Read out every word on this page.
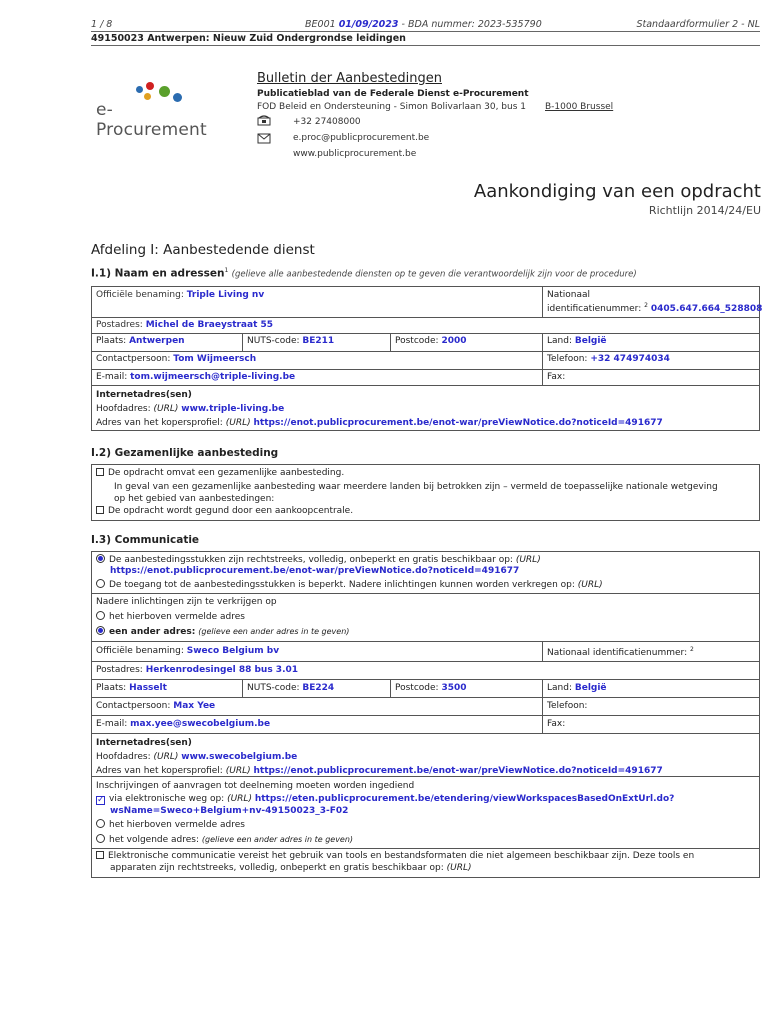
1 / 8	BE001 01/09/2023 - BDA nummer: 2023-535790	Standaardformulier 2 - NL
49150023 Antwerpen: Nieuw Zuid Ondergrondse leidingen
e-Procurement
Bulletin der Aanbestedingen
Publicatieblad van de Federale Dienst e-Procurement
FOD Beleid en Ondersteuning - Simon Bolivarlaan 30, bus 1 B-1000 Brussel
+32 27408000
e.proc@publicprocurement.be
www.publicprocurement.be
Aankondiging van een opdracht
Richtlijn 2014/24/EU
Afdeling I: Aanbestedende dienst
I.1) Naam en adressen$^1$ (gelieve alle aanbestedende diensten op te geven die verantwoordelijk zijn voor de procedure)
Officiële benaming: Triple Living nv	Nationaal
identificatienummer: $^2$ 0405.647.664_528808
Postadres: Michel de Braeystraat 55
Plaats: Antwerpen	NUTS-code: BE211	Postcode: 2000	Land: België
Contactpersoon: Tom Wijmeersch	Telefoon: +32 474974034
E-mail: tom.wijmeersch@triple-living.be	Fax:
Internetadres(sen)
Hoofdadres: (URL) www.triple-living.be
Adres van het kopersprofiel: (URL) https://enot.publicprocurement.be/enot-war/preViewNotice.do?noticeId=491677
I.2) Gezamenlijke aanbesteding
De opdracht omvat een gezamenlijke aanbesteding.
In geval van een gezamenlijke aanbesteding waar meerdere landen bij betrokken zijn – vermeld de toepasselijke nationale wetgeving
op het gebied van aanbestedingen:
De opdracht wordt gegund door een aankoopcentrale.
I.3) Communicatie
De aanbestedingsstukken zijn rechtstreeks, volledig, onbeperkt en gratis beschikbaar op: (URL)
https://enot.publicprocurement.be/enot-war/preViewNotice.do?noticeId=491677
De toegang tot de aanbestedingsstukken is beperkt. Nadere inlichtingen kunnen worden verkregen op: (URL)
Nadere inlichtingen zijn te verkrijgen op
het hierboven vermelde adres
een ander adres: (gelieve een ander adres in te geven)
Officiële benaming: Sweco Belgium bv	Nationaal identificatienummer: $^2$
Postadres: Herkenrodesingel 88 bus 3.01
Plaats: Hasselt	NUTS-code: BE224	Postcode: 3500	Land: België
Contactpersoon: Max Yee	Telefoon:
E-mail: max.yee@swecobelgium.be	Fax:
Internetadres(sen)
Hoofdadres: (URL) www.swecobelgium.be
Adres van het kopersprofiel: (URL) https://enot.publicprocurement.be/enot-war/preViewNotice.do?noticeId=491677
Inschrijvingen of aanvragen tot deelneming moeten worden ingediend
✓ via elektronische weg op: (URL) https://eten.publicprocurement.be/etendering/viewWorkspacesBasedOnExtUrl.do?
wsName=Sweco+Belgium+nv-49150023_3-F02
het hierboven vermelde adres
het volgende adres: (gelieve een ander adres in te geven)
Elektronische communicatie vereist het gebruik van tools en bestandsformaten die niet algemeen beschikbaar zijn. Deze tools en
apparaten zijn rechtstreeks, volledig, onbeperkt en gratis beschikbaar op: (URL)
